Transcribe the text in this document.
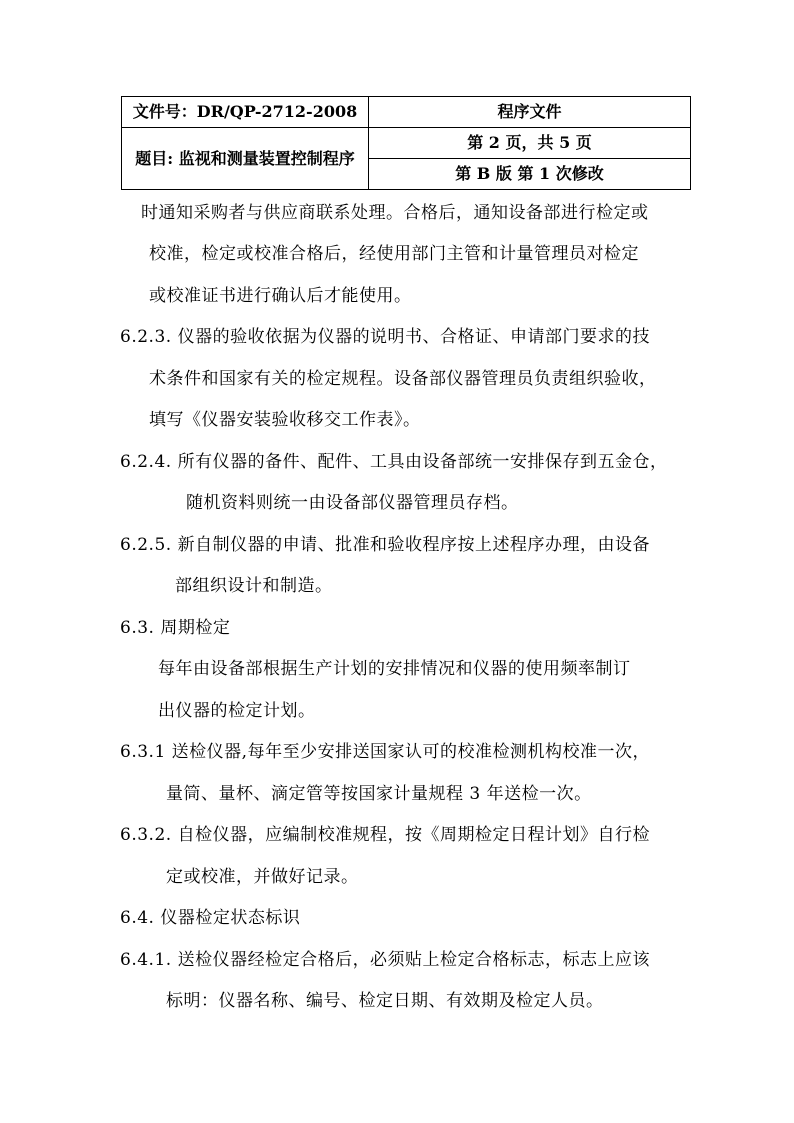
文件号：DR/QP-2712-2008	程序文件
题目: 监视和测量装置控制程序	第 2 页，共 5 页
	第 B 版 第 1 次修改
时通知采购者与供应商联系处理。合格后，通知设备部进行检定或
校准，检定或校准合格后，经使用部门主管和计量管理员对检定
或校准证书进行确认后才能使用。
6.2.3. 仪器的验收依据为仪器的说明书、合格证、申请部门要求的技
术条件和国家有关的检定规程。设备部仪器管理员负责组织验收，
填写《仪器安装验收移交工作表》。
6.2.4. 所有仪器的备件、配件、工具由设备部统一安排保存到五金仓，
随机资料则统一由设备部仪器管理员存档。
6.2.5. 新自制仪器的申请、批准和验收程序按上述程序办理，由设备
部组织设计和制造。
6.3. 周期检定
每年由设备部根据生产计划的安排情况和仪器的使用频率制订
出仪器的检定计划。
6.3.1 送检仪器,每年至少安排送国家认可的校准检测机构校准一次，
量筒、量杯、滴定管等按国家计量规程 3 年送检一次。
6.3.2. 自检仪器，应编制校准规程，按《周期检定日程计划》自行检
定或校准，并做好记录。
6.4. 仪器检定状态标识
6.4.1. 送检仪器经检定合格后，必须贴上检定合格标志，标志上应该
标明：仪器名称、编号、检定日期、有效期及检定人员。
